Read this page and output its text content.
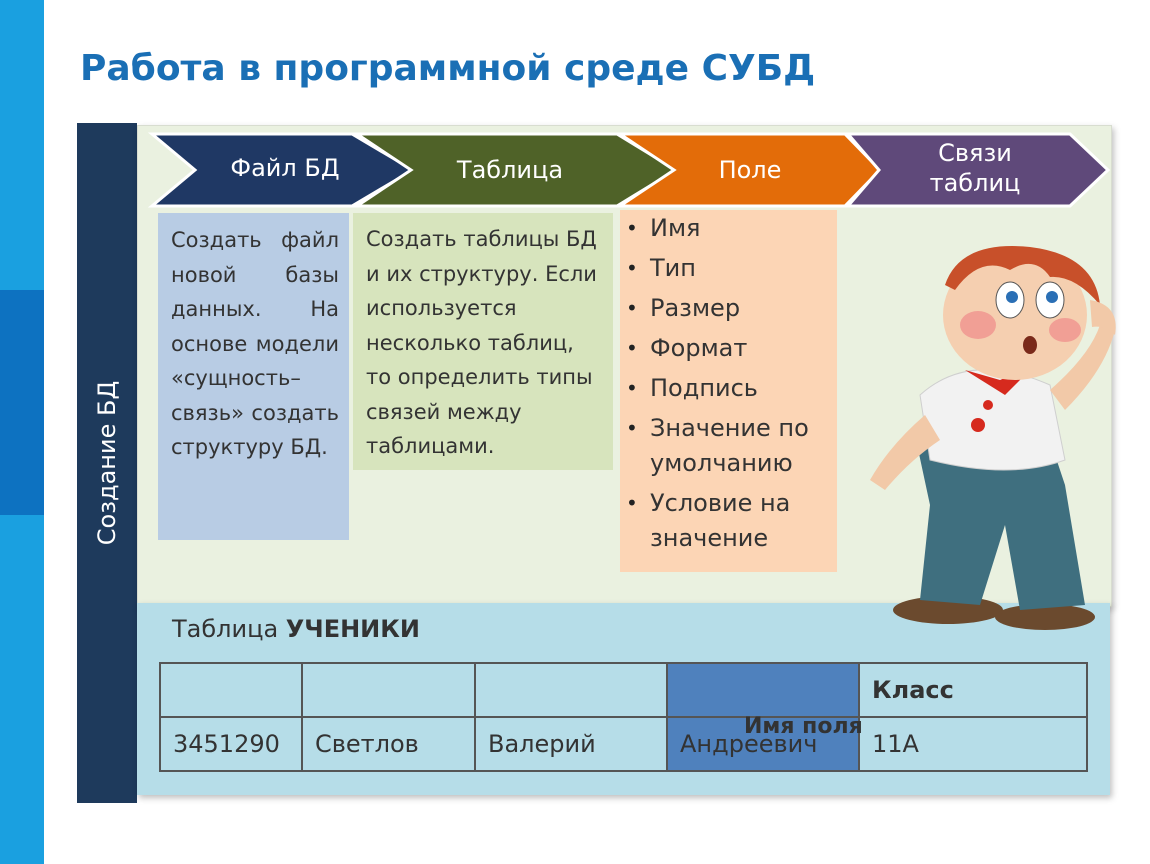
Работа в программной среде СУБД
Создание БД
Файл БД	Таблица	Поле
Связи таблиц
Создать файл новой базы данных. На основе модели «сущность–связь» создать структуру БД.
Создать таблицы БД и их структуру. Если используется несколько таблиц, то определить типы связей между таблицами.
• Имя
• Тип
• Размер
• Формат
• Подпись
• Значение по умолчанию
• Условие на значение
Таблица УЧЕНИКИ
				Класс
3451290	Светлов	Валерий	Андреевич	11А
Имя поля
